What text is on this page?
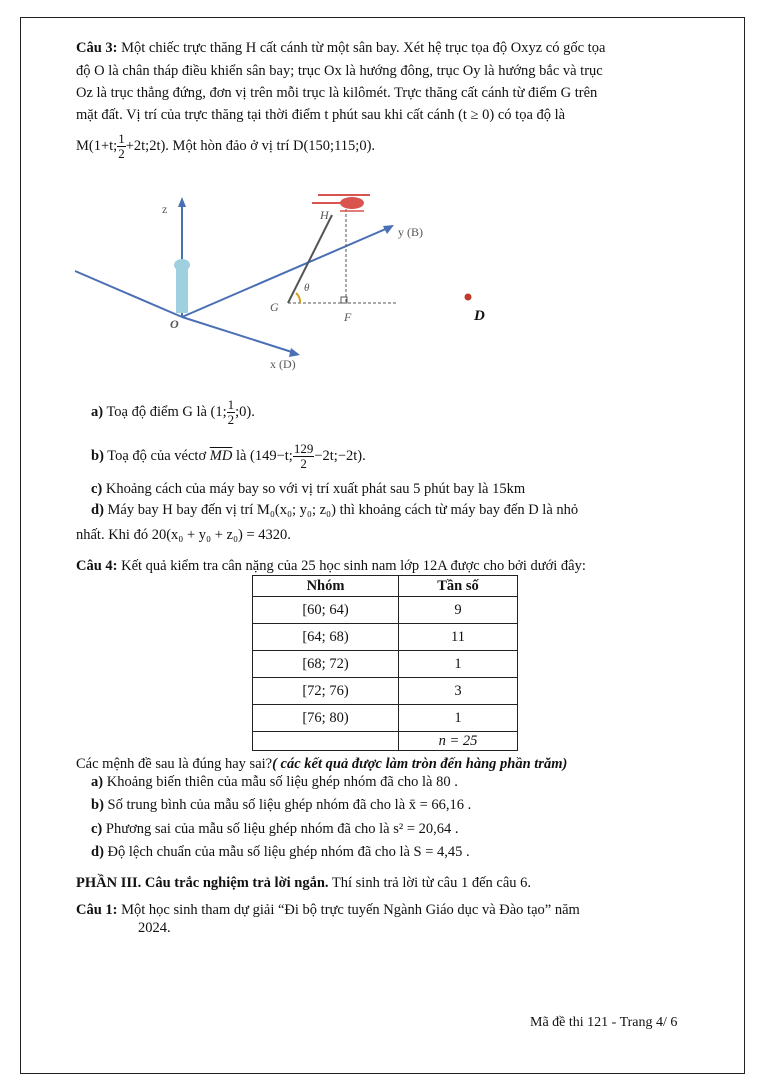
Câu 3: Một chiếc trực thăng H cất cánh từ một sân bay. Xét hệ trục tọa độ Oxyz có gốc tọa
độ O là chân tháp điều khiển sân bay; trục Ox là hướng đông, trục Oy là hướng bắc và trục
Oz là trục thẳng đứng, đơn vị trên mỗi trục là kilômét. Trực thăng cất cánh từ điểm G trên
mặt đất. Vị trí của trực thăng tại thời điểm t phút sau khi cất cánh (t ≥ 0) có tọa độ là
M(1+t; $\frac{1}{2}$ +2t;2t). Một hòn đảo ở vị trí D(150;115;0).
z
x (D)
y (B)
θ
G
F
O
H
D
a) Toạ độ điểm G là (1; $\frac{1}{2}$ ;0).
b) Toạ độ của véctơ $\overline{MD}$ là (149−t; $\frac{129}{2}$ −2t;−2t).
c) Khoảng cách của máy bay so với vị trí xuất phát sau 5 phút bay là 15km
d) Máy bay H bay đến vị trí M₀(x₀; y₀; z₀) thì khoảng cách từ máy bay đến D là nhỏ
nhất. Khi đó 20(x₀ + y₀ + z₀) = 4320.
Câu 4: Kết quả kiểm tra cân nặng của 25 học sinh nam lớp 12A được cho bởi dưới đây:
Nhóm	Tần số
[60; 64)	9
[64; 68)	11
[68; 72)	1
[72; 76)	3
[76; 80)	1
	n = 25
Các mệnh đề sau là đúng hay sai?( các kết quả được làm tròn đến hàng phần trăm)
a) Khoảng biến thiên của mẫu số liệu ghép nhóm đã cho là 80 .
b) Số trung bình của mẫu số liệu ghép nhóm đã cho là x̄ = 66,16 .
c) Phương sai của mẫu số liệu ghép nhóm đã cho là s² = 20,64 .
d) Độ lệch chuẩn của mẫu số liệu ghép nhóm đã cho là S = 4,45 .
PHẦN III. Câu trắc nghiệm trả lời ngắn. Thí sinh trả lời từ câu 1 đến câu 6.
Câu 1: Một học sinh tham dự giải “Đi bộ trực tuyến Ngành Giáo dục và Đào tạo” năm
2024.
Mã đề thi 121 - Trang 4/ 6
